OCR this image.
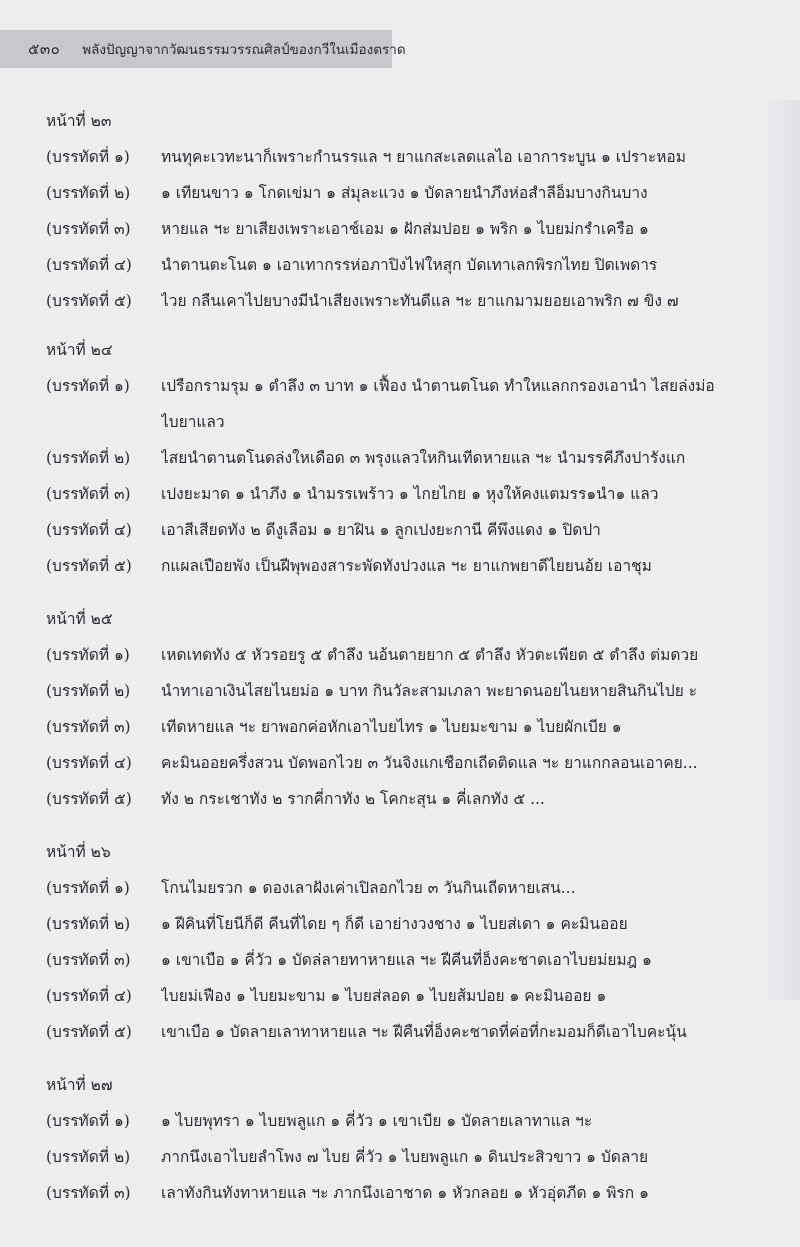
๕๓๐ พลังปัญญาจากวัฒนธรรมวรรณศิลป์ของกวีในเมืองตราด
หน้าที่ ๒๓
(บรรทัดที่ ๑)	ทนทุคะเวทะนาก็เพราะกำนรรแล ฯ ยาแกสะเลดแลไอ เอาการะบูน ๑ เปราะหอม
(บรรทัดที่ ๒)	๑ เทียนขาว ๑ โกดเข่มา ๑ ส่มุละแวง ๑ บัดลายนำภึงห่อสำลีอ็มบางกินบาง
(บรรทัดที่ ๓)	หายแล ฯะ ยาเสียงเพราะเอาช์เอม ๑ ฝักส่มปอย ๑ พริก ๑ ไบยม่กรำเครือ ๑
(บรรทัดที่ ๔)	นำตานตะโนต ๑ เอาเทากรรห่อภาปิงไฟใหสุก บัดเทาเลกพิรกไทย ปิดเพดาร
(บรรทัดที่ ๕)	ไวย กลืนเคาไปยบางมีนำเสียงเพราะทันดีแล ฯะ ยาแกมามยอยเอาพริก ๗ ขิง ๗
หน้าที่ ๒๔
(บรรทัดที่ ๑)	เปรือกรามรุม ๑ ตำลึง ๓ บาท ๑ เฟื้อง นำตานตโนด ทำใหแลกกรองเอานำ ไสยล่งม่อ ไบยาแลว
(บรรทัดที่ ๒)	ไสยนำตานตโนดล่งใหเดือด ๓ พรุงแลวใหกินเทีดหายแล ฯะ นำมรรคีภึงปารังแก
(บรรทัดที่ ๓)	เปงยะมาด ๑ นำภึง ๑ นำมรรเพร้าว ๑ ไกยไกย ๑ หุงให้คงแตมรร๑นำ๑ แลว
(บรรทัดที่ ๔)	เอาสีเสียดทัง ๒ ดีงูเลือม ๑ ยาฝิน ๑ ลูกเปงยะกานี คีพึงแดง ๑ ปิดปา
(บรรทัดที่ ๕)	กแผลเปือยพัง เป็นฝีพุพองสาระพัดทังปวงแล ฯะ ยาแกพยาดีไยยนอ้ย เอาชุม
หน้าที่ ๒๕
(บรรทัดที่ ๑)	เหดเทดทัง ๕ หัวรอยรู ๕ ตำลึง นอ้นตายยาก ๕ ตำลึง หัวตะเพียต ๕ ตำลึง ต่มดวย
(บรรทัดที่ ๒)	นำทาเอาเงินไสยไนยม่อ ๑ บาท กินวัละสามเภลา พะยาดนอยไนยหายสินกินไปย ะ
(บรรทัดที่ ๓)	เทีดหายแล ฯะ ยาพอกค่อหักเอาไบยไทร ๑ ไบยมะขาม ๑ ไบยผักเบีย ๑
(บรรทัดที่ ๔)	คะมินออยครึ่งสวน บัดพอกไวย ๓ วันจิงแกเชือกเถีดติดแล ฯะ ยาแกกลอนเอาคย...
(บรรทัดที่ ๕)	ทัง ๒ กระเชาทัง ๒ รากคี่กาทัง ๒ โคกะสุน ๑ คี่เลกทัง ๕ ...
หน้าที่ ๒๖
(บรรทัดที่ ๑)	โกนไมยรวก ๑ ดองเลาฝังเค่าเปิลอกไวย ๓ วันกินเถีดหายเสน...
(บรรทัดที่ ๒)	๑ ฝีคินที่โยนีก็ดี คีนที่ไดย ๆ ก็ดี เอาย่างวงชาง ๑ ไบยส่เดา ๑ คะมินออย
(บรรทัดที่ ๓)	๑ เขาเบือ ๑ คี่วัว ๑ บัดล่ลายทาหายแล ฯะ ฝีคีนที่อ็งคะชาดเอาไบยม่ยมฎ ๑
(บรรทัดที่ ๔)	ไบยม่เฟือง ๑ ไบยมะขาม ๑ ไบยส่ลอด ๑ ไบยส้มปอย ๑ คะมินออย ๑
(บรรทัดที่ ๕)	เขาเบือ ๑ บัดลายเลาทาหายแล ฯะ ฝีคืนที่อ็งคะชาดที่ค่อที่กะมอมก็ดีเอาไบคะนุ้น
หน้าที่ ๒๗
(บรรทัดที่ ๑)	๑ ไบยพุทรา ๑ ไบยพลูแก ๑ คี่วัว ๑ เขาเบีย ๑ บัดลายเลาทาแล ฯะ
(บรรทัดที่ ๒)	ภากนึงเอาไบยลำโพง ๗ ไบย คี่วัว ๑ ไบยพลูแก ๑ ดินประสิวขาว ๑ บัดลาย
(บรรทัดที่ ๓)	เลาทังกินทังทาหายแล ฯะ ภากนึงเอาชาด ๑ หัวกลอย ๑ หัวอุ่ตภีด ๑ พิรก ๑
